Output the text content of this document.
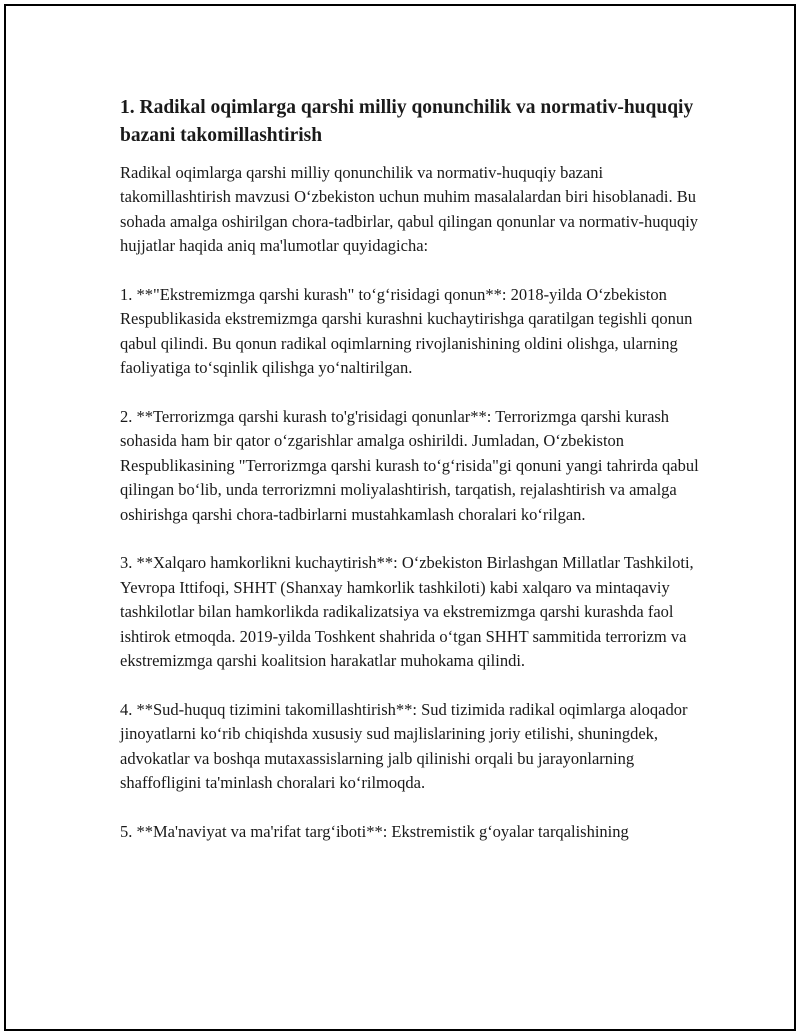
1. Radikal oqimlarga qarshi milliy qonunchilik va normativ-huquqiy bazani takomillashtirish

Radikal oqimlarga qarshi milliy qonunchilik va normativ-huquqiy bazani takomillashtirish mavzusi O‘zbekiston uchun muhim masalalardan biri hisoblanadi. Bu sohada amalga oshirilgan chora-tadbirlar, qabul qilingan qonunlar va normativ-huquqiy hujjatlar haqida aniq ma'lumotlar quyidagicha:

1. **"Ekstremizmga qarshi kurash" to‘g‘risidagi qonun**: 2018-yilda O‘zbekiston Respublikasida ekstremizmga qarshi kurashni kuchaytirishga qaratilgan tegishli qonun qabul qilindi. Bu qonun radikal oqimlarning rivojlanishining oldini olishga, ularning faoliyatiga to‘sqinlik qilishga yo‘naltirilgan.

2. **Terrorizmga qarshi kurash to'g'risidagi qonunlar**: Terrorizmga qarshi kurash sohasida ham bir qator o‘zgarishlar amalga oshirildi. Jumladan, O‘zbekiston Respublikasining "Terrorizmga qarshi kurash to‘g‘risida"gi qonuni yangi tahrirda qabul qilingan bo‘lib, unda terrorizmni moliyalashtirish, tarqatish, rejalashtirish va amalga oshirishga qarshi chora-tadbirlarni mustahkamlash choralari ko‘rilgan.

3. **Xalqaro hamkorlikni kuchaytirish**: O‘zbekiston Birlashgan Millatlar Tashkiloti, Yevropa Ittifoqi, SHHT (Shanxay hamkorlik tashkiloti) kabi xalqaro va mintaqaviy tashkilotlar bilan hamkorlikda radikalizatsiya va ekstremizmga qarshi kurashda faol ishtirok etmoqda. 2019-yilda Toshkent shahrida o‘tgan SHHT sammitida terrorizm va ekstremizmga qarshi koalitsion harakatlar muhokama qilindi.

4. **Sud-huquq tizimini takomillashtirish**: Sud tizimida radikal oqimlarga aloqador jinoyatlarni ko‘rib chiqishda xususiy sud majlislarining joriy etilishi, shuningdek, advokatlar va boshqa mutaxassislarning jalb qilinishi orqali bu jarayonlarning shaffofligini ta'minlash choralari ko‘rilmoqda.

5. **Ma'naviyat va ma'rifat targ‘iboti**: Ekstremistik g‘oyalar tarqalishining
